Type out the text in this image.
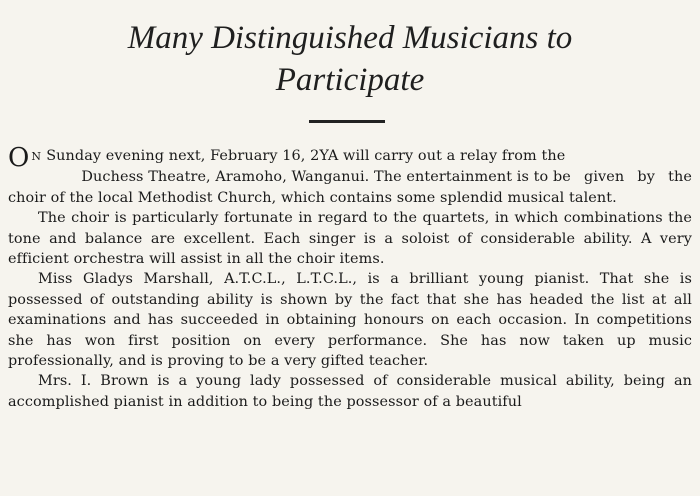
Many Distinguished Musicians to
Participate

O N Sunday evening next, February 16, 2YA will carry out a relay from the
Duchess Theatre, Aramoho, Wanganui. The entertainment is to be given by the choir of the local Methodist Church, which contains some splendid musical talent.

The choir is particularly fortunate in regard to the quartets, in which combinations the tone and balance are excellent. Each singer is a soloist of considerable ability. A very efficient orchestra will assist in all the choir items.

Miss Gladys Marshall, A.T.C.L., L.T.C.L., is a brilliant young pianist. That she is possessed of outstanding ability is shown by the fact that she has headed the list at all examinations and has succeeded in obtaining honours on each occasion. In competitions she has won first position on every performance. She has now taken up music professionally, and is proving to be a very gifted teacher.

Mrs. I. Brown is a young lady possessed of considerable musical ability, being an accomplished pianist in addition to being the possessor of a beautiful
